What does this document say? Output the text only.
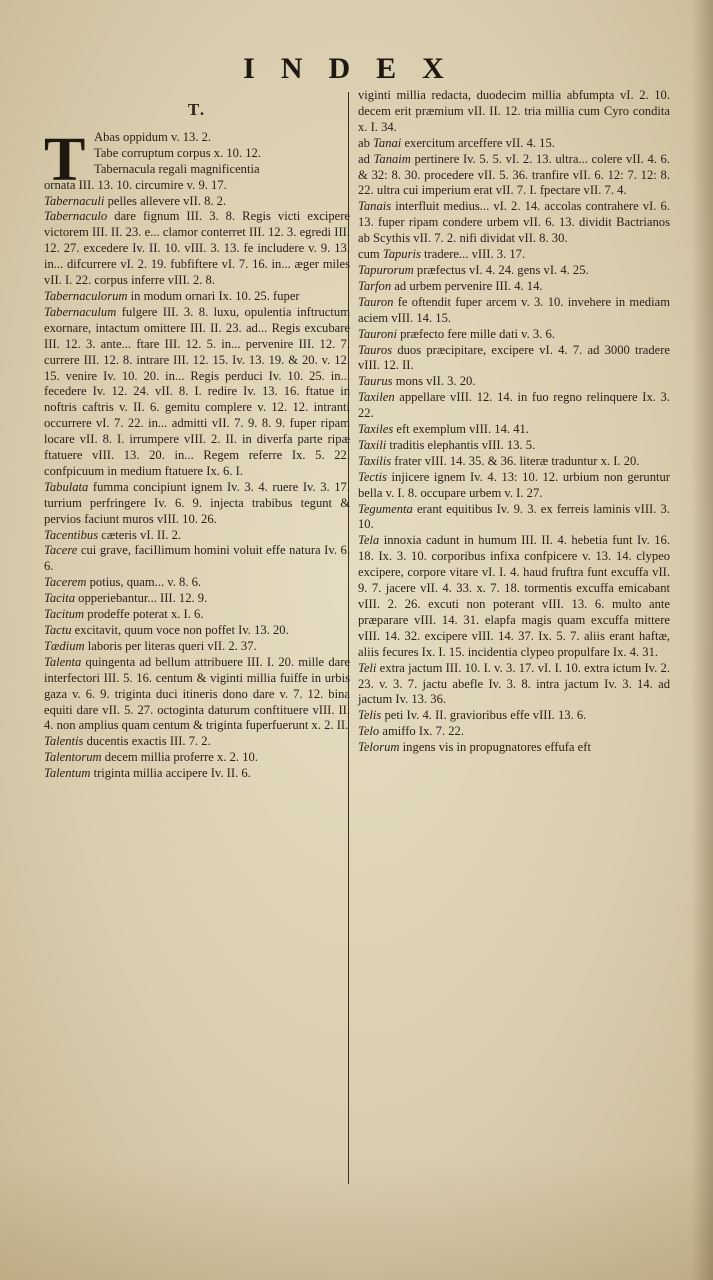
INDEX
T.
T Abas oppidum v. 13. 2.
Tabe corruptum corpus x. 10. 12.
Tabernacula regali magnificentia
ornata III. 13. 10. circumire v. 9. 17.
Tabernaculi pelles allevere vII. 8. 2.
Tabernaculo dare fignum III. 3. 8. Regis victi excipere victorem III. II. 23. e... clamor conterret III. 12. 3. egredi III. 12. 27. excedere Iv. II. 10. vIII. 3. 13. fe includere v. 9. 13. in... difcurrere vI. 2. 19. fubfiftere vI. 7. 16. in... æger miles vII. I. 22. corpus inferre vIII. 2. 8.
Tabernaculorum in modum ornari Ix. 10. 25. fuper
Tabernaculum fulgere III. 3. 8. luxu, opulentia inftructum exornare, intactum omittere III. II. 23. ad... Regis excubare III. 12. 3. ante... ftare III. 12. 5. in... pervenire III. 12. 7. currere III. 12. 8. intrare III. 12. 15. Iv. 13. 19. & 20. v. 12. 15. venire Iv. 10. 20. in... Regis perduci Iv. 10. 25. in... fecedere Iv. 12. 24. vII. 8. I. redire Iv. 13. 16. ftatue in noftris caftris v. II. 6. gemitu complere v. 12. 12. intranti occurrere vI. 7. 22. in... admitti vII. 7. 9. 8. 9. fuper ripam locare vII. 8. I. irrumpere vIII. 2. II. in diverfa parte ripæ ftatuere vIII. 13. 20. in... Regem referre Ix. 5. 22. confpicuum in medium ftatuere Ix. 6. I.
Tabulata fumma concipiunt ignem Iv. 3. 4. ruere Iv. 3. 17. turrium perfringere Iv. 6. 9. injecta trabibus tegunt & pervios faciunt muros vIII. 10. 26.
Tacentibus cæteris vI. II. 2.
Tacere cui grave, faciIlimum homini voluit effe natura Iv. 6. 6.
Tacerem potius, quam... v. 8. 6.
Tacita opperiebantur... III. 12. 9.
Tacitum prodeffe poterat x. I. 6.
Tactu excitavit, quum voce non poffet Iv. 13. 20.
Tædium laboris per literas queri vII. 2. 37.
Talenta quingenta ad bellum attribuere III. I. 20. mille dare interfectori III. 5. 16. centum & viginti millia fuiffe in urbis gaza v. 6. 9. triginta duci itineris dono dare v. 7. 12. bina equiti dare vII. 5. 27. octoginta daturum conftituere vIII. II. 4. non amplius quam centum & triginta fuperfuerunt x. 2. II.
Talentis ducentis exactis III. 7. 2.
Talentorum decem millia proferre x. 2. 10.
Talentum triginta millia accipere Iv. II. 6.
viginti millia redacta, duodecim millia abfumpta vI. 2. 10. decem erit præmium vII. II. 12. tria millia cum Cyro condita x. I. 34.
ab Tanai exercitum arceffere vII. 4. 15.
ad Tanaim pertinere Iv. 5. 5. vI. 2. 13. ultra... colere vII. 4. 6. & 32: 8. 30. procedere vII. 5. 36. tranfire vII. 6. 12: 7. 12: 8. 22. ultra cui imperium erat vII. 7. I. fpectare vII. 7. 4.
Tanais interfluit medius... vI. 2. 14. accolas contrahere vI. 6. 13. fuper ripam condere urbem vII. 6. 13. dividit Bactrianos ab Scythis vII. 7. 2. nifi dividat vII. 8. 30.
cum Tapuris tradere... vIII. 3. 17.
Tapurorum præfectus vI. 4. 24. gens vI. 4. 25.
Tarfon ad urbem pervenire III. 4. 14.
Tauron fe oftendit fuper arcem v. 3. 10. invehere in mediam aciem vIII. 14. 15.
Tauroni præfecto fere mille dati v. 3. 6.
Tauros duos præcipitare, excipere vI. 4. 7. ad 3000 tradere vIII. 12. II.
Taurus mons vII. 3. 20.
Taxilen appellare vIII. 12. 14. in fuo regno relinquere Ix. 3. 22.
Taxiles eft exemplum vIII. 14. 41.
Taxili traditis elephantis vIII. 13. 5.
Taxilis frater vIII. 14. 35. & 36. literæ traduntur x. I. 20.
Tectis injicere ignem Iv. 4. 13: 10. 12. urbium non geruntur bella v. I. 8. occupare urbem v. I. 27.
Tegumenta erant equitibus Iv. 9. 3. ex ferreis laminis vIII. 3. 10.
Tela innoxia cadunt in humum III. II. 4. hebetia funt Iv. 16. 18. Ix. 3. 10. corporibus infixa confpicere v. 13. 14. clypeo excipere, corpore vitare vI. I. 4. haud fruftra funt excuffa vII. 9. 7. jacere vII. 4. 33. x. 7. 18. tormentis excuffa emicabant vIII. 2. 26. excuti non poterant vIII. 13. 6. multo ante præparare vIII. 14. 31. elapfa magis quam excuffa mittere vIII. 14. 32. excipere vIII. 14. 37. Ix. 5. 7. aliis erant haftæ, aliis fecures Ix. I. 15. incidentia clypeo propulfare Ix. 4. 31.
Teli extra jactum III. 10. I. v. 3. 17. vI. I. 10. extra ictum Iv. 2. 23. v. 3. 7. jactu abefle Iv. 3. 8. intra jactum Iv. 3. 14. ad jactum Iv. 13. 36.
Telis peti Iv. 4. II. gravioribus effe vIII. 13. 6.
Telo amiffo Ix. 7. 22.
Telorum ingens vis in propugnatores effufa eft
